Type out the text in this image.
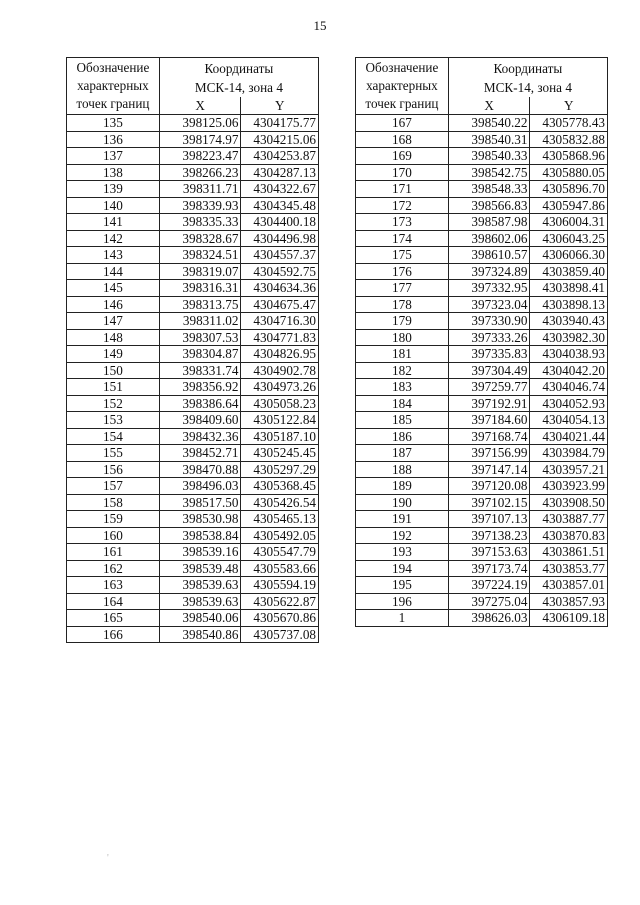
15
Обозначение
характерных
точек границ	Координаты
МСК-14, зона 4	
	X	Y
135	398125.06	4304175.77
136	398174.97	4304215.06
137	398223.47	4304253.87
138	398266.23	4304287.13
139	398311.71	4304322.67
140	398339.93	4304345.48
141	398335.33	4304400.18
142	398328.67	4304496.98
143	398324.51	4304557.37
144	398319.07	4304592.75
145	398316.31	4304634.36
146	398313.75	4304675.47
147	398311.02	4304716.30
148	398307.53	4304771.83
149	398304.87	4304826.95
150	398331.74	4304902.78
151	398356.92	4304973.26
152	398386.64	4305058.23
153	398409.60	4305122.84
154	398432.36	4305187.10
155	398452.71	4305245.45
156	398470.88	4305297.29
157	398496.03	4305368.45
158	398517.50	4305426.54
159	398530.98	4305465.13
160	398538.84	4305492.05
161	398539.16	4305547.79
162	398539.48	4305583.66
163	398539.63	4305594.19
164	398539.63	4305622.87
165	398540.06	4305670.86
166	398540.86	4305737.08
Обозначение
характерных
точек границ	Координаты
МСК-14, зона 4	
	X	Y
167	398540.22	4305778.43
168	398540.31	4305832.88
169	398540.33	4305868.96
170	398542.75	4305880.05
171	398548.33	4305896.70
172	398566.83	4305947.86
173	398587.98	4306004.31
174	398602.06	4306043.25
175	398610.57	4306066.30
176	397324.89	4303859.40
177	397332.95	4303898.41
178	397323.04	4303898.13
179	397330.90	4303940.43
180	397333.26	4303982.30
181	397335.83	4304038.93
182	397304.49	4304042.20
183	397259.77	4304046.74
184	397192.91	4304052.93
185	397184.60	4304054.13
186	397168.74	4304021.44
187	397156.99	4303984.79
188	397147.14	4303957.21
189	397120.08	4303923.99
190	397102.15	4303908.50
191	397107.13	4303887.77
192	397138.23	4303870.83
193	397153.63	4303861.51
194	397173.74	4303853.77
195	397224.19	4303857.01
196	397275.04	4303857.93
1	398626.03	4306109.18
'
